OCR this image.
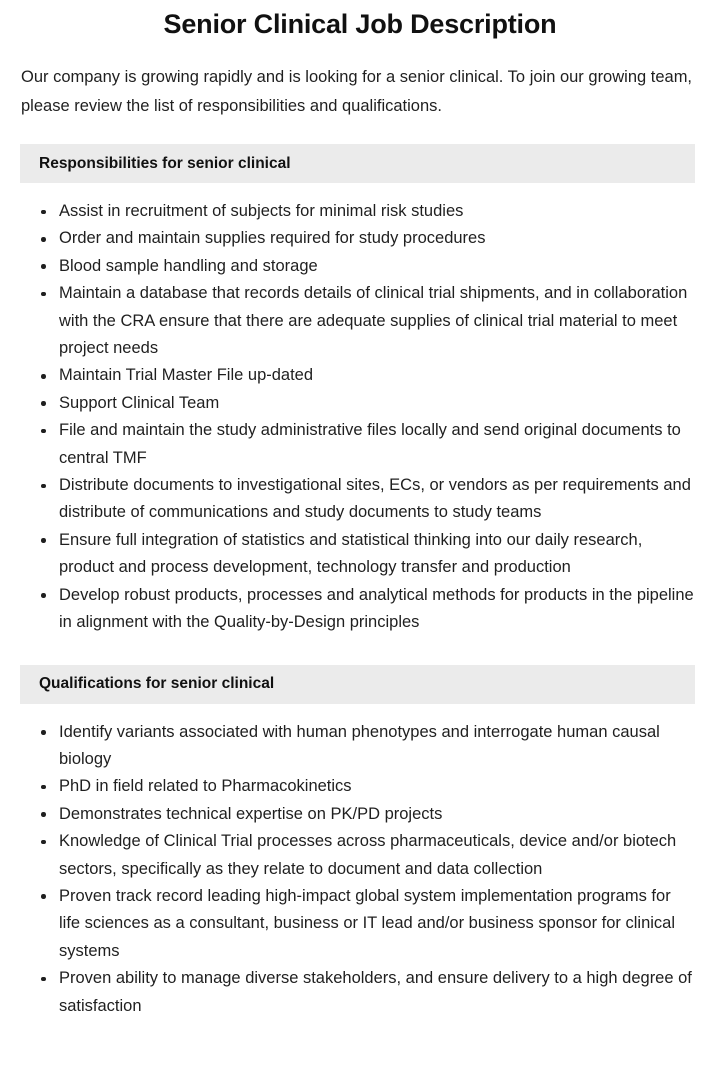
Senior Clinical Job Description

Our company is growing rapidly and is looking for a senior clinical. To join our growing team, please review the list of responsibilities and qualifications.

Responsibilities for senior clinical
Assist in recruitment of subjects for minimal risk studies
Order and maintain supplies required for study procedures
Blood sample handling and storage
Maintain a database that records details of clinical trial shipments, and in collaboration with the CRA ensure that there are adequate supplies of clinical trial material to meet project needs
Maintain Trial Master File up-dated
Support Clinical Team
File and maintain the study administrative files locally and send original documents to central TMF
Distribute documents to investigational sites, ECs, or vendors as per requirements and distribute of communications and study documents to study teams
Ensure full integration of statistics and statistical thinking into our daily research, product and process development, technology transfer and production
Develop robust products, processes and analytical methods for products in the pipeline in alignment with the Quality-by-Design principles
Qualifications for senior clinical
Identify variants associated with human phenotypes and interrogate human causal biology
PhD in field related to Pharmacokinetics
Demonstrates technical expertise on PK/PD projects
Knowledge of Clinical Trial processes across pharmaceuticals, device and/or biotech sectors, specifically as they relate to document and data collection
Proven track record leading high-impact global system implementation programs for life sciences as a consultant, business or IT lead and/or business sponsor for clinical systems
Proven ability to manage diverse stakeholders, and ensure delivery to a high degree of satisfaction
